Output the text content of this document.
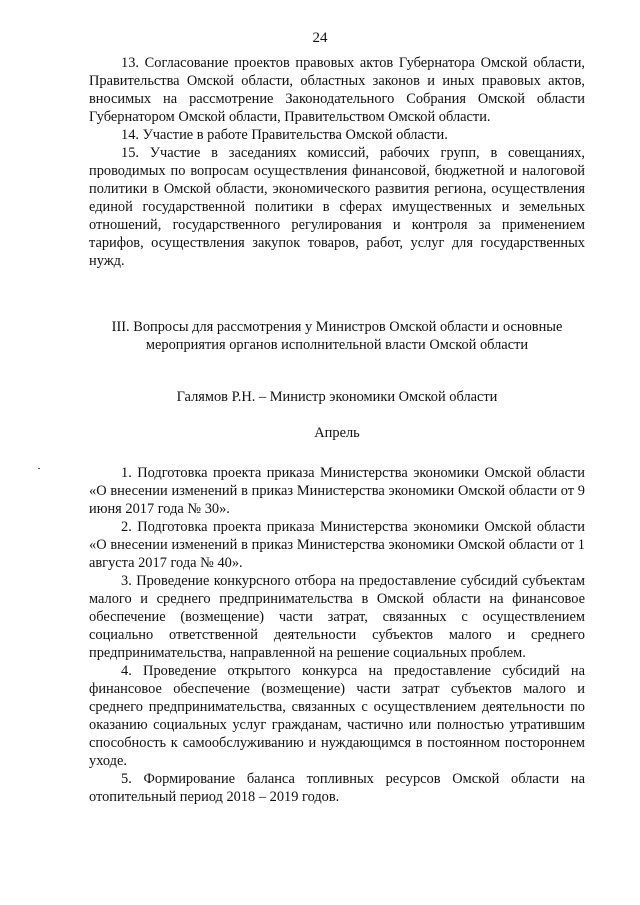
24

13. Согласование проектов правовых актов Губернатора Омской области, Правительства Омской области, областных законов и иных правовых актов, вносимых на рассмотрение Законодательного Собрания Омской области Губернатором Омской области, Правительством Омской области.

14. Участие в работе Правительства Омской области.

15. Участие в заседаниях комиссий, рабочих групп, в совещаниях, проводимых по вопросам осуществления финансовой, бюджетной и налоговой политики в Омской области, экономического развития региона, осуществления единой государственной политики в сферах имущественных и земельных отношений, государственного регулирования и контроля за применением тарифов, осуществления закупок товаров, работ, услуг для государственных нужд.

III. Вопросы для рассмотрения у Министров Омской области и основные

мероприятия органов исполнительной власти Омской области

Галямов Р.Н. – Министр экономики Омской области

Апрель

1. Подготовка проекта приказа Министерства экономики Омской области «О внесении изменений в приказ Министерства экономики Омской области от 9 июня 2017 года № 30».

2. Подготовка проекта приказа Министерства экономики Омской области «О внесении изменений в приказ Министерства экономики Омской области от 1 августа 2017 года № 40».

3. Проведение конкурсного отбора на предоставление субсидий субъектам малого и среднего предпринимательства в Омской области на финансовое обеспечение (возмещение) части затрат, связанных с осуществлением социально ответственной деятельности субъектов малого и среднего предпринимательства, направленной на решение социальных проблем.

4. Проведение открытого конкурса на предоставление субсидий на финансовое обеспечение (возмещение) части затрат субъектов малого и среднего предпринимательства, связанных с осуществлением деятельности по оказанию социальных услуг гражданам, частично или полностью утратившим способность к самообслуживанию и нуждающимся в постоянном постороннем уходе.

5. Формирование баланса топливных ресурсов Омской области на отопительный период 2018 – 2019 годов.
